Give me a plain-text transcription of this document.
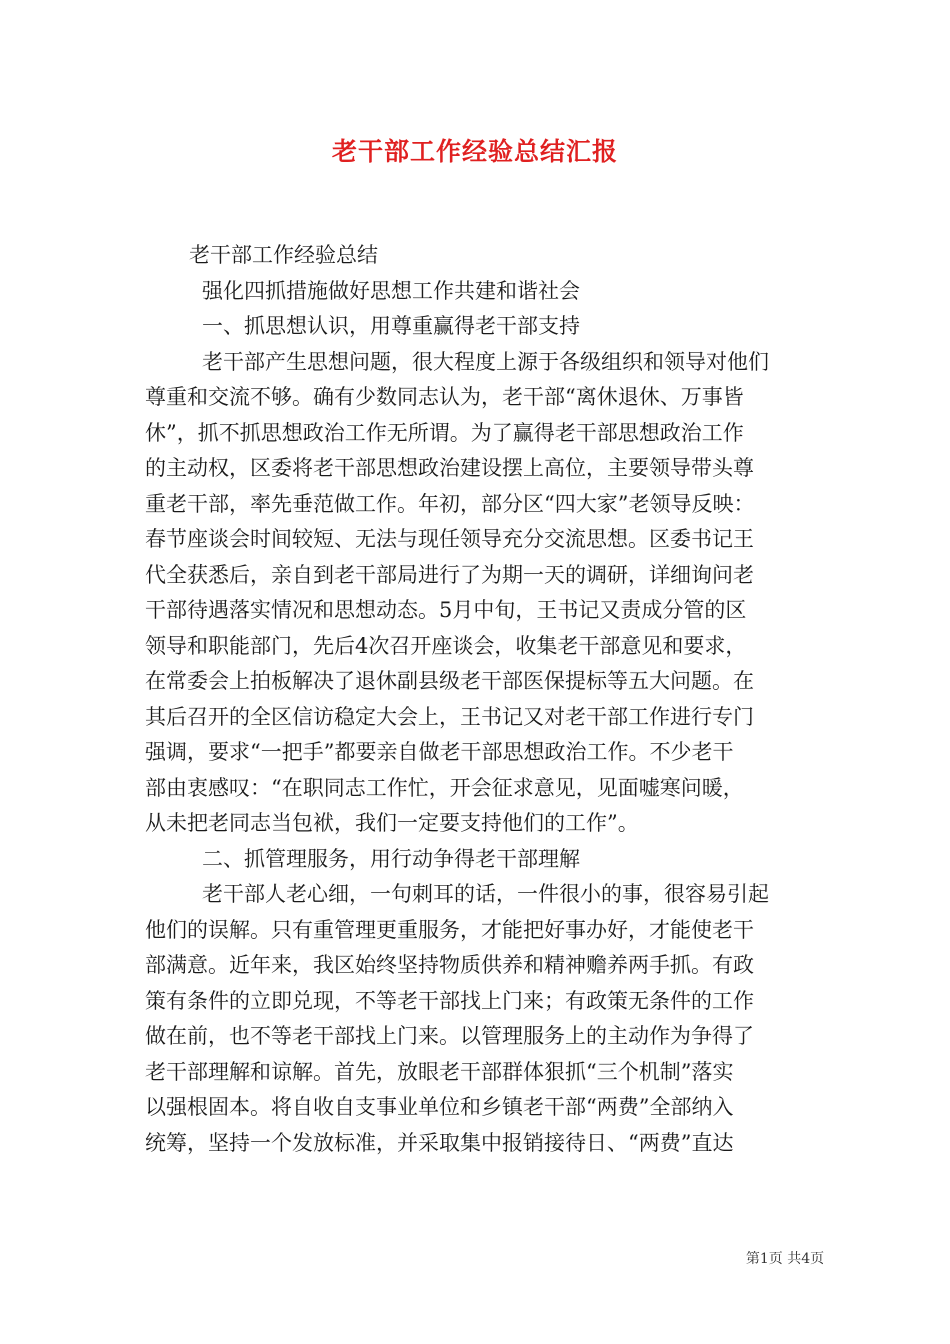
老干部工作经验总结汇报
老干部工作经验总结
强化四抓措施做好思想工作共建和谐社会
一、抓思想认识，用尊重赢得老干部支持
老干部产生思想问题，很大程度上源于各级组织和领导对他们
尊重和交流不够。确有少数同志认为，老干部“离休退休、万事皆
休”，抓不抓思想政治工作无所谓。为了赢得老干部思想政治工作
的主动权，区委将老干部思想政治建设摆上高位，主要领导带头尊
重老干部，率先垂范做工作。年初，部分区“四大家”老领导反映：
春节座谈会时间较短、无法与现任领导充分交流思想。区委书记王
代全获悉后，亲自到老干部局进行了为期一天的调研，详细询问老
干部待遇落实情况和思想动态。5月中旬，王书记又责成分管的区
领导和职能部门，先后4次召开座谈会，收集老干部意见和要求，
在常委会上拍板解决了退休副县级老干部医保提标等五大问题。在
其后召开的全区信访稳定大会上，王书记又对老干部工作进行专门
强调，要求“一把手”都要亲自做老干部思想政治工作。不少老干
部由衷感叹：“在职同志工作忙，开会征求意见，见面嘘寒问暖，
从未把老同志当包袱，我们一定要支持他们的工作”。
二、抓管理服务，用行动争得老干部理解
老干部人老心细，一句刺耳的话，一件很小的事，很容易引起
他们的误解。只有重管理更重服务，才能把好事办好，才能使老干
部满意。近年来，我区始终坚持物质供养和精神赡养两手抓。有政
策有条件的立即兑现，不等老干部找上门来；有政策无条件的工作
做在前，也不等老干部找上门来。以管理服务上的主动作为争得了
老干部理解和谅解。首先，放眼老干部群体狠抓“三个机制”落实
以强根固本。将自收自支事业单位和乡镇老干部“两费”全部纳入
统筹，坚持一个发放标准，并采取集中报销接待日、“两费”直达
第1页 共4页
